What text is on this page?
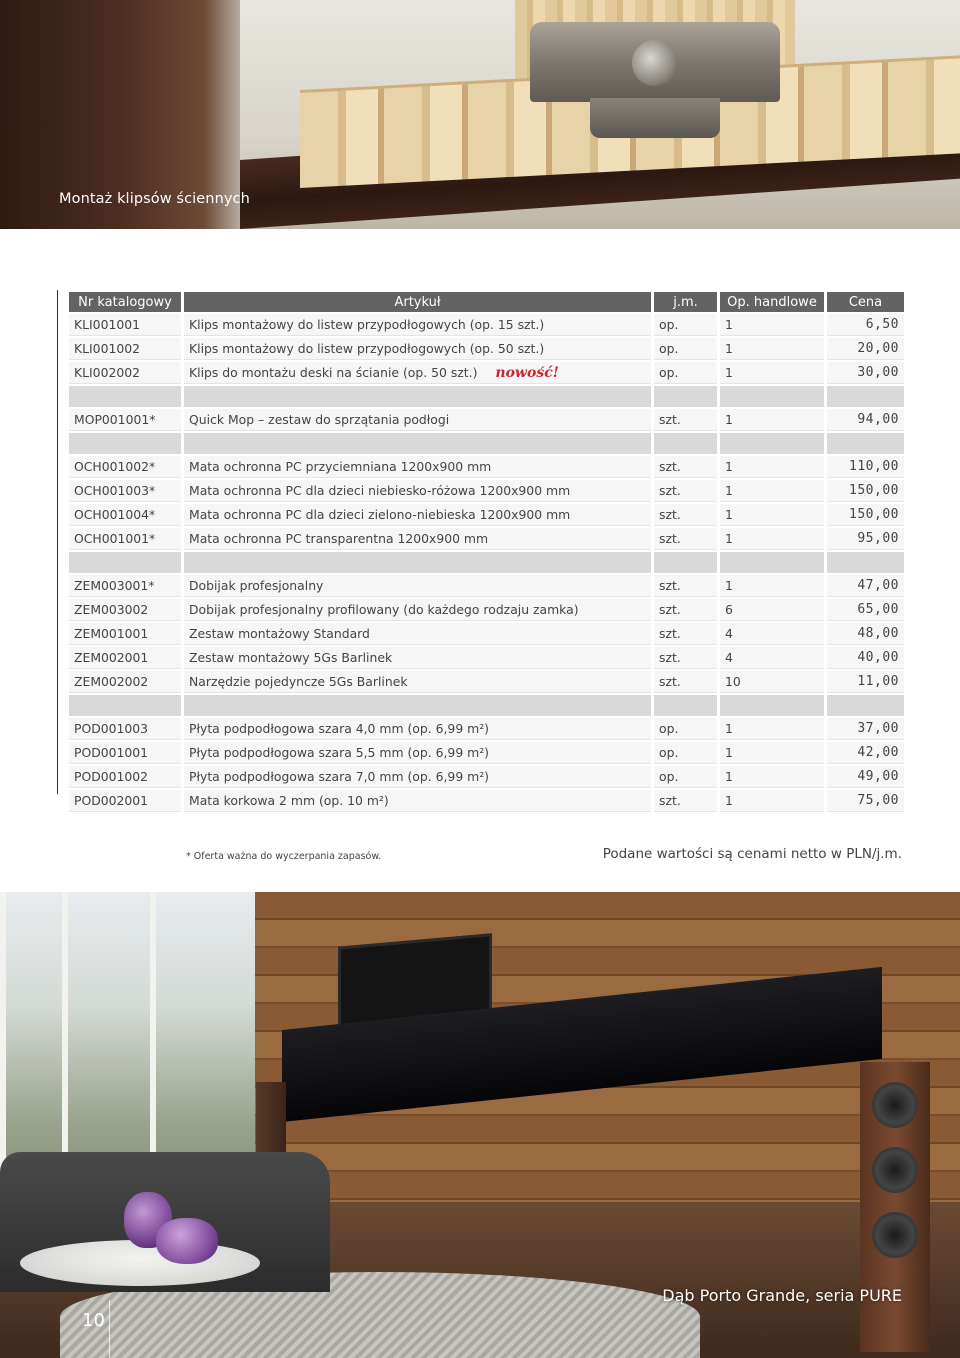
Montaż klipsów ściennych
Nr katalogowy	Artykuł	j.m.	Op. handlowe	Cena
KLI001001	Klips montażowy do listew przypodłogowych (op. 15 szt.)	op.	1	6,50
KLI001002	Klips montażowy do listew przypodłogowych (op. 50 szt.)	op.	1	20,00
KLI002002	Klips do montażu deski na ścianie (op. 50 szt.) nowość!	op.	1	30,00

MOP001001*	Quick Mop – zestaw do sprzątania podłogi	szt.	1	94,00

OCH001002*	Mata ochronna PC przyciemniana 1200x900 mm	szt.	1	110,00
OCH001003*	Mata ochronna PC dla dzieci niebiesko-różowa 1200x900 mm	szt.	1	150,00
OCH001004*	Mata ochronna PC dla dzieci zielono-niebieska 1200x900 mm	szt.	1	150,00
OCH001001*	Mata ochronna PC transparentna 1200x900 mm	szt.	1	95,00

ZEM003001*	Dobijak profesjonalny	szt.	1	47,00
ZEM003002	Dobijak profesjonalny profilowany (do każdego rodzaju zamka)	szt.	6	65,00
ZEM001001	Zestaw montażowy Standard	szt.	4	48,00
ZEM002001	Zestaw montażowy 5Gs Barlinek	szt.	4	40,00
ZEM002002	Narzędzie pojedyncze 5Gs Barlinek	szt.	10	11,00

POD001003	Płyta podpodłogowa szara 4,0 mm (op. 6,99 m²)	op.	1	37,00
POD001001	Płyta podpodłogowa szara 5,5 mm (op. 6,99 m²)	op.	1	42,00
POD001002	Płyta podpodłogowa szara 7,0 mm (op. 6,99 m²)	op.	1	49,00
POD002001	Mata korkowa 2 mm (op. 10 m²)	szt.	1	75,00
* Oferta ważna do wyczerpania zapasów.	Podane wartości są cenami netto w PLN/j.m.
10
Dąb Porto Grande, seria PURE
